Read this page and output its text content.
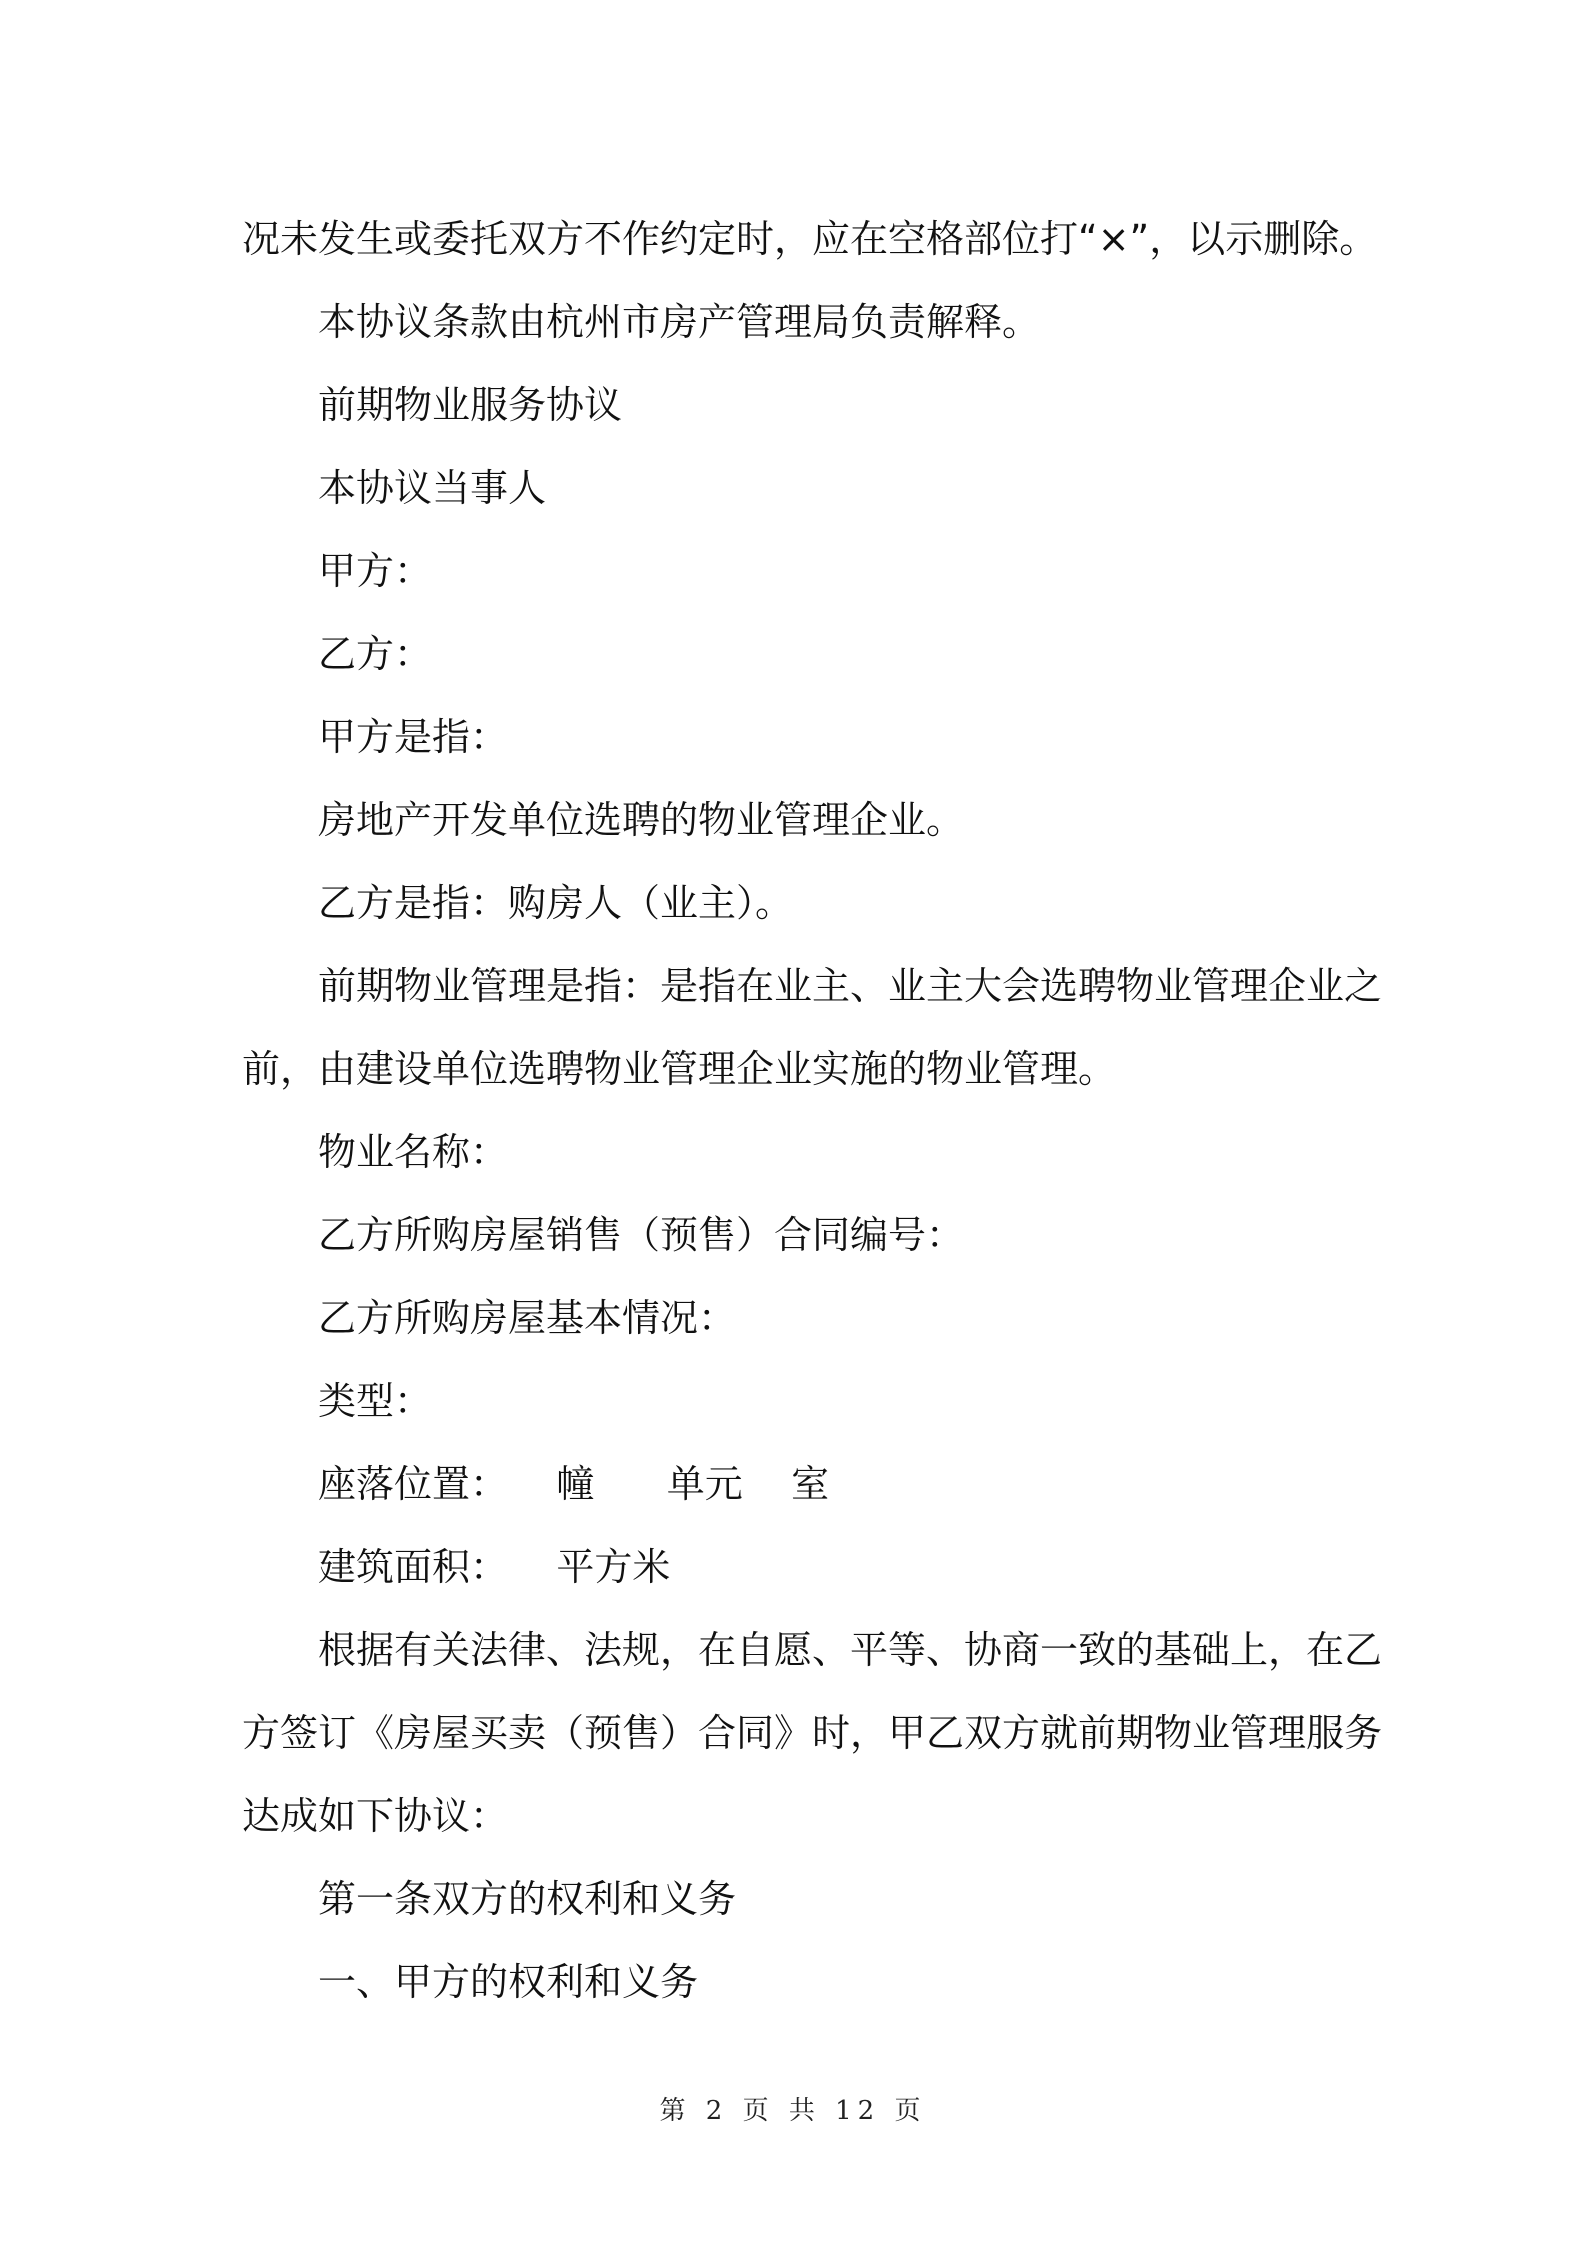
况未发生或委托双方不作约定时，应在空格部位打“×”，以示删除。

本协议条款由杭州市房产管理局负责解释。

前期物业服务协议

本协议当事人

甲方：

乙方：

甲方是指：

房地产开发单位选聘的物业管理企业。

乙方是指：购房人（业主）。

前期物业管理是指：是指在业主、业主大会选聘物业管理企业之

前，由建设单位选聘物业管理企业实施的物业管理。

物业名称：

乙方所购房屋销售（预售）合同编号：

乙方所购房屋基本情况：

类型：

座落位置：    幢      单元    室

建筑面积：    平方米

根据有关法律、法规，在自愿、平等、协商一致的基础上，在乙

方签订《房屋买卖（预售）合同》时，甲乙双方就前期物业管理服务

达成如下协议：

第一条双方的权利和义务

一、甲方的权利和义务

第 2 页 共 12 页
